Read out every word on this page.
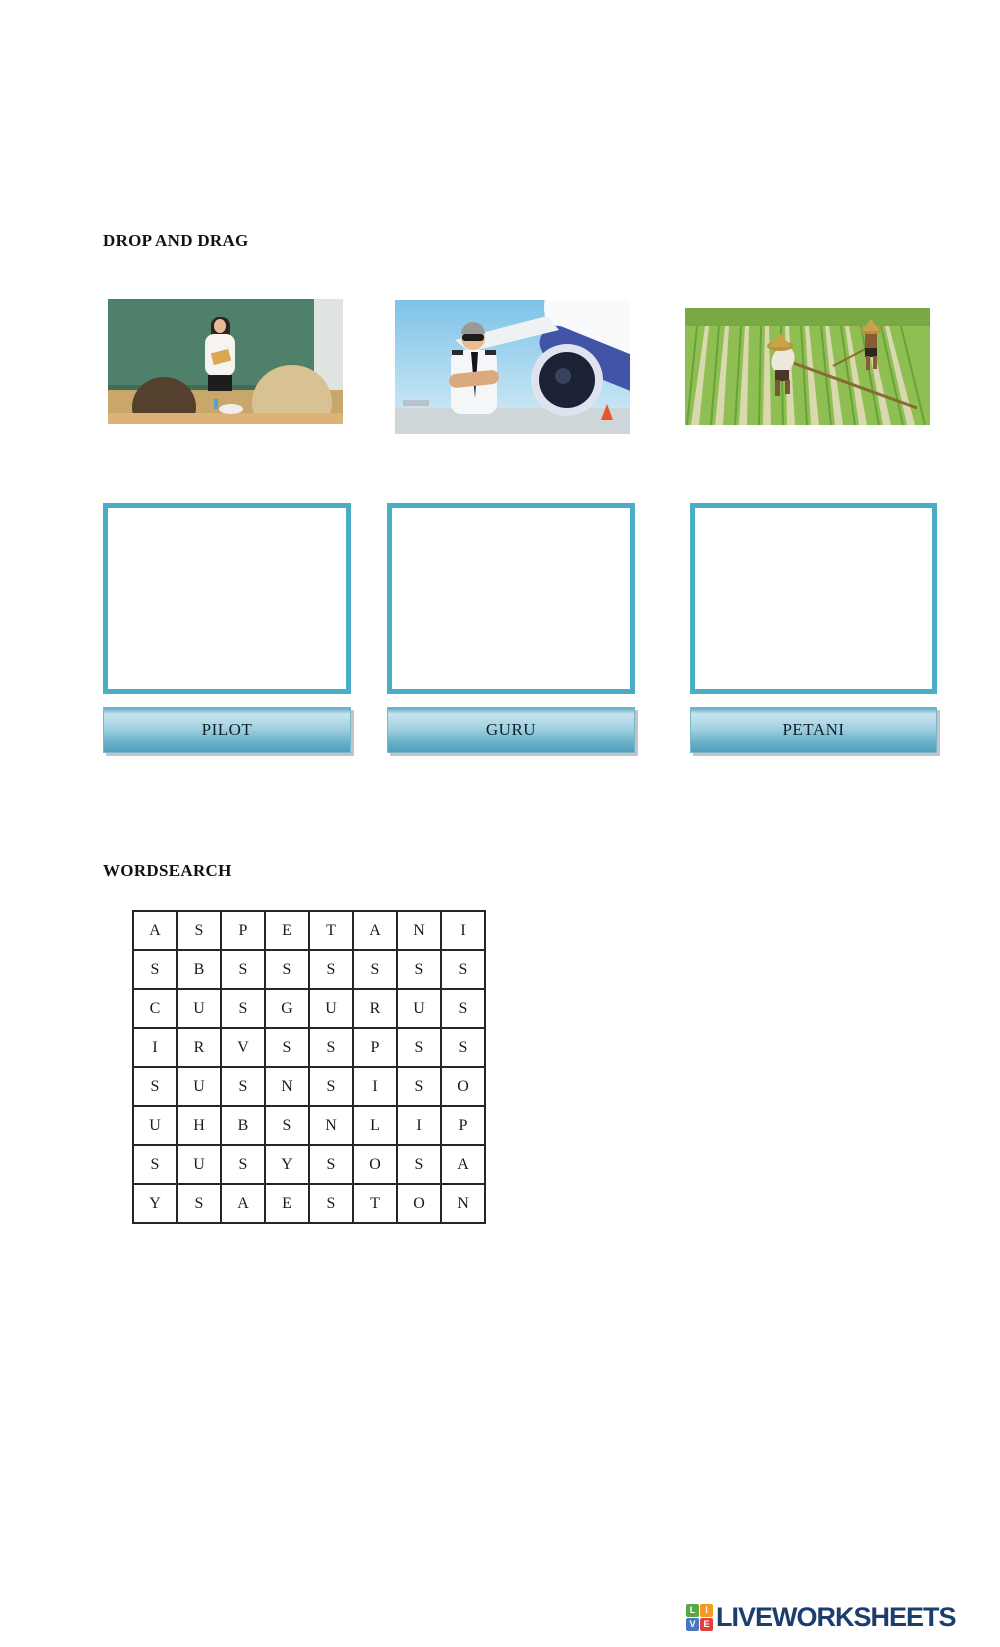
DROP AND DRAG
PILOT	GURU	PETANI
WORDSEARCH
A	S	P	E	T	A	N	I
S	B	S	S	S	S	S	S
C	U	S	G	U	R	U	S
I	R	V	S	S	P	S	S
S	U	S	N	S	I	S	O
U	H	B	S	N	L	I	P
S	U	S	Y	S	O	S	A
Y	S	A	E	S	T	O	N
L	I
V E LIVEWORKSHEETS
